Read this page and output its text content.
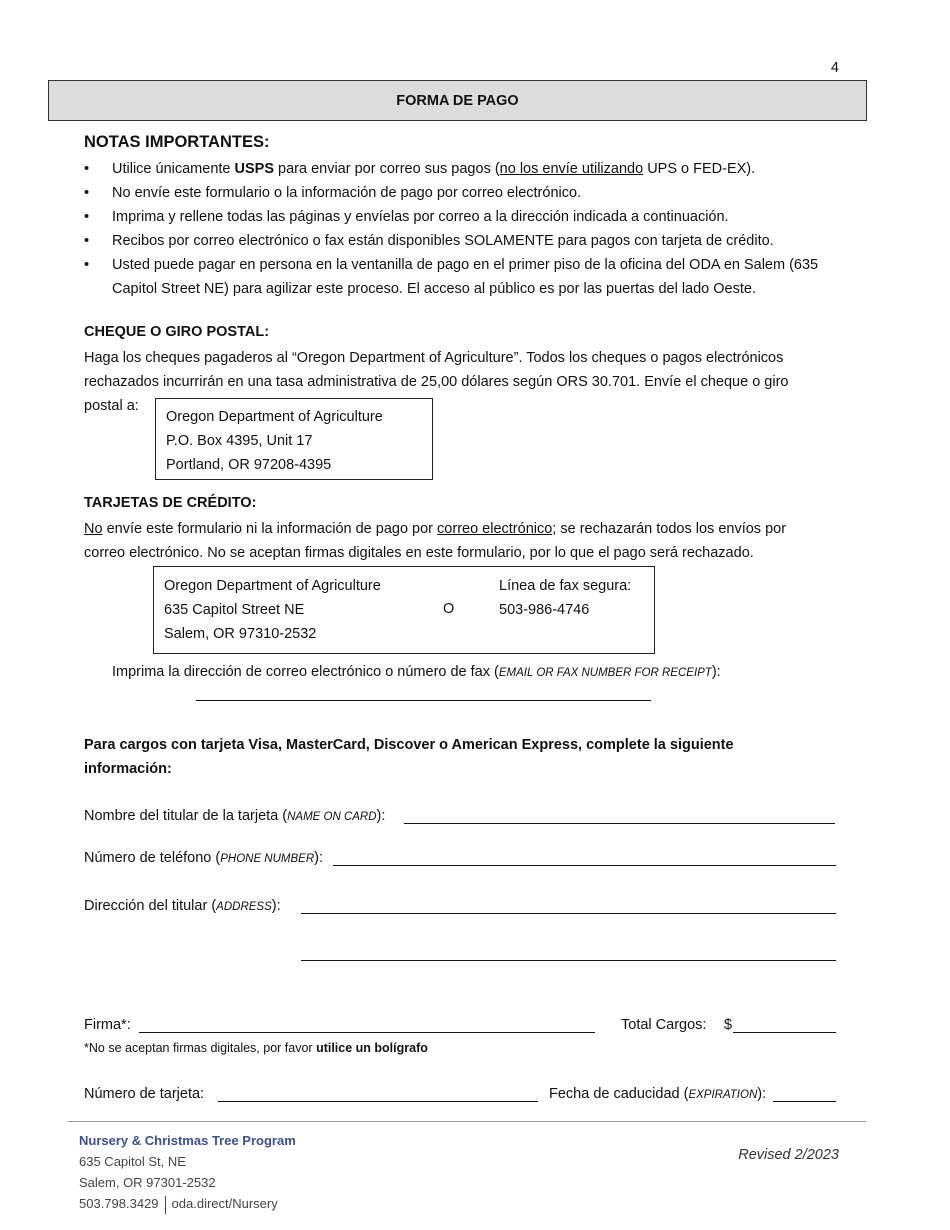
4
FORMA DE PAGO
NOTAS IMPORTANTES:
• Utilice únicamente USPS para enviar por correo sus pagos (no los envíe utilizando UPS o FED-EX).
• No envíe este formulario o la información de pago por correo electrónico.
• Imprima y rellene todas las páginas y envíelas por correo a la dirección indicada a continuación.
• Recibos por correo electrónico o fax están disponibles SOLAMENTE para pagos con tarjeta de crédito.
• Usted puede pagar en persona en la ventanilla de pago en el primer piso de la oficina del ODA en Salem (635 Capitol Street NE) para agilizar este proceso. El acceso al público es por las puertas del lado Oeste.
CHEQUE O GIRO POSTAL:
Haga los cheques pagaderos al “Oregon Department of Agriculture”. Todos los cheques o pagos electrónicos
rechazados incurrirán en una tasa administrativa de 25,00 dólares según ORS 30.701. Envíe el cheque o giro
postal a:
Oregon Department of Agriculture
P.O. Box 4395, Unit 17
Portland, OR 97208-4395
TARJETAS DE CRÉDITO:
No envíe este formulario ni la información de pago por correo electrónico; se rechazarán todos los envíos por
correo electrónico. No se aceptan firmas digitales en este formulario, por lo que el pago será rechazado.
Oregon Department of Agriculture
635 Capitol Street NE
Salem, OR 97310-2532
O
Línea de fax segura:
503-986-4746
Imprima la dirección de correo electrónico o número de fax (EMAIL OR FAX NUMBER FOR RECEIPT):
Para cargos con tarjeta Visa, MasterCard, Discover o American Express, complete la siguiente
información:
Nombre del titular de la tarjeta (NAME ON CARD):
Número de teléfono (PHONE NUMBER):
Dirección del titular (ADDRESS):
Firma*:	Total Cargos: $
*No se aceptan firmas digitales, por favor utilice un bolígrafo
Número de tarjeta:	Fecha de caducidad (EXPIRATION):
Nursery & Christmas Tree Program
635 Capitol St, NE
Salem, OR 97301-2532
503.798.3429 oda.direct/Nursery
Revised 2/2023
